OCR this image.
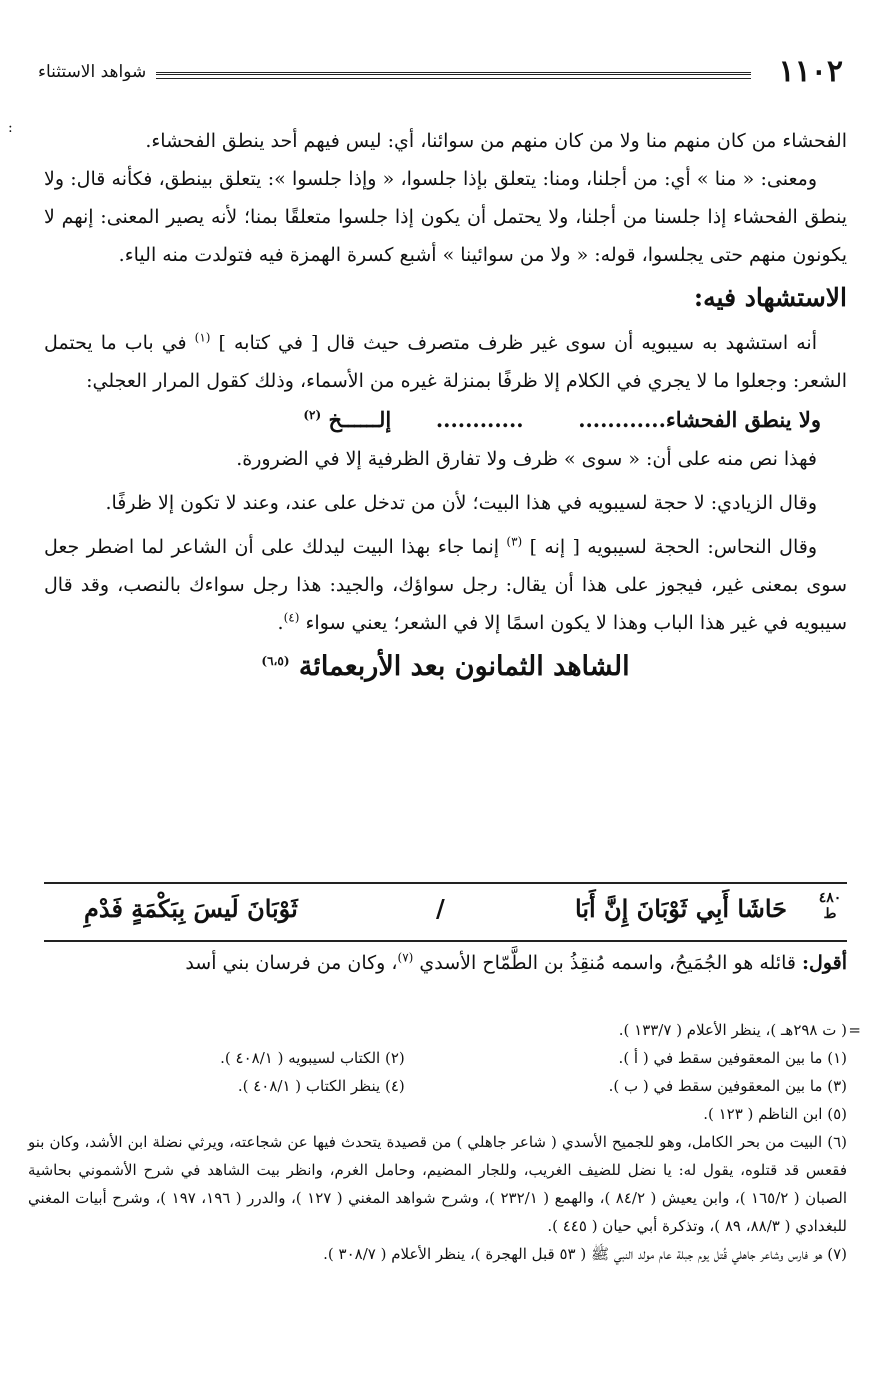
١١٠٢
شواهد الاستثناء
:

الفحشاء من كان منهم منا ولا من كان منهم من سوائنا، أي: ليس فيهم أحد ينطق الفحشاء.

ومعنى: « منا » أي: من أجلنا، ومنا: يتعلق بإذا جلسوا، « وإذا جلسوا »: يتعلق بينطق، فكأنه قال: ولا ينطق الفحشاء إذا جلسنا من أجلنا، ولا يحتمل أن يكون إذا جلسوا متعلقًا بمنا؛ لأنه يصير المعنى: إنهم لا يكونون منهم حتى يجلسوا، قوله: « ولا من سوائينا » أشبع كسرة الهمزة فيه فتولدت منه الياء.

الاستشهاد فيه:

أنه استشهد به سيبويه أن سوى غير ظرف متصرف حيث قال [ في كتابه ] $^{(١)}$ في باب ما يحتمل الشعر: وجعلوا ما لا يجري في الكلام إلا ظرفًا بمنزلة غيره من الأسماء، وذلك كقول المرار العجلي:

ولا ينطق الفحشاء............  ............  إلــــــخ $^{(٢)}$

فهذا نص منه على أن: « سوى » ظرف ولا تفارق الظرفية إلا في الضرورة.

وقال الزيادي: لا حجة لسيبويه في هذا البيت؛ لأن من تدخل على عند، وعند لا تكون إلا ظرفًا.

وقال النحاس: الحجة لسيبويه [ إنه ] $^{(٣)}$ إنما جاء بهذا البيت ليدلك على أن الشاعر لما اضطر جعل سوى بمعنى غير، فيجوز على هذا أن يقال: رجل سواؤك، والجيد: هذا رجل سواءك بالنصب، وقد قال سيبويه في غير هذا الباب وهذا لا يكون اسمًا إلا في الشعر؛ يعني سواء $^{(٤)}$.

الشاهد الثمانون بعد الأربعمائة $^{(٦،٥)}$
٤٨٠
ط
حَاشَا أَبِي ثَوْبَانَ إِنَّ أَبَا
/
ثَوْبَانَ لَيسَ بِبَكْمَةٍ فَدْمِ
أقول: قائله هو الجُمَيحُ، واسمه مُنقِذُ بن الطَّمّاح الأسدي $^{(٧)}$، وكان من فرسان بني أسد

=
( ت ٢٩٨هـ )، ينظر الأعلام ( ١٣٣/٧ ).

(١) ما بين المعقوفين سقط في ( أ ).
(٢) الكتاب لسيبويه ( ٤٠٨/١ ).
(٣) ما بين المعقوفين سقط في ( ب ).
(٤) ينظر الكتاب ( ٤٠٨/١ ).

(٥) ابن الناظم ( ١٢٣ ).

(٦) البيت من بحر الكامل، وهو للجميح الأسدي ( شاعر جاهلي ) من قصيدة يتحدث فيها عن شجاعته، ويرثي نضلة ابن الأشد، وكان بنو فقعس قد قتلوه، يقول له: يا نضل للضيف الغريب، وللجار المضيم، وحامل الغرم، وانظر بيت الشاهد في شرح الأشموني بحاشية الصبان ( ١٦٥/٢ )، وابن يعيش ( ٨٤/٢ )، والهمع ( ٢٣٢/١ )، وشرح شواهد المغني ( ١٢٧ )، والدرر ( ١٩٦، ١٩٧ )، وشرح أبيات المغني للبغدادي ( ٨٨/٣، ٨٩ )، وتذكرة أبي حيان ( ٤٤٥ ).

(٧) هو فارس وشاعر جاهلي قُتل يوم جبلة عام مولد النبي ﷺ ( ٥٣ قبل الهجرة )، ينظر الأعلام ( ٣٠٨/٧ ).
